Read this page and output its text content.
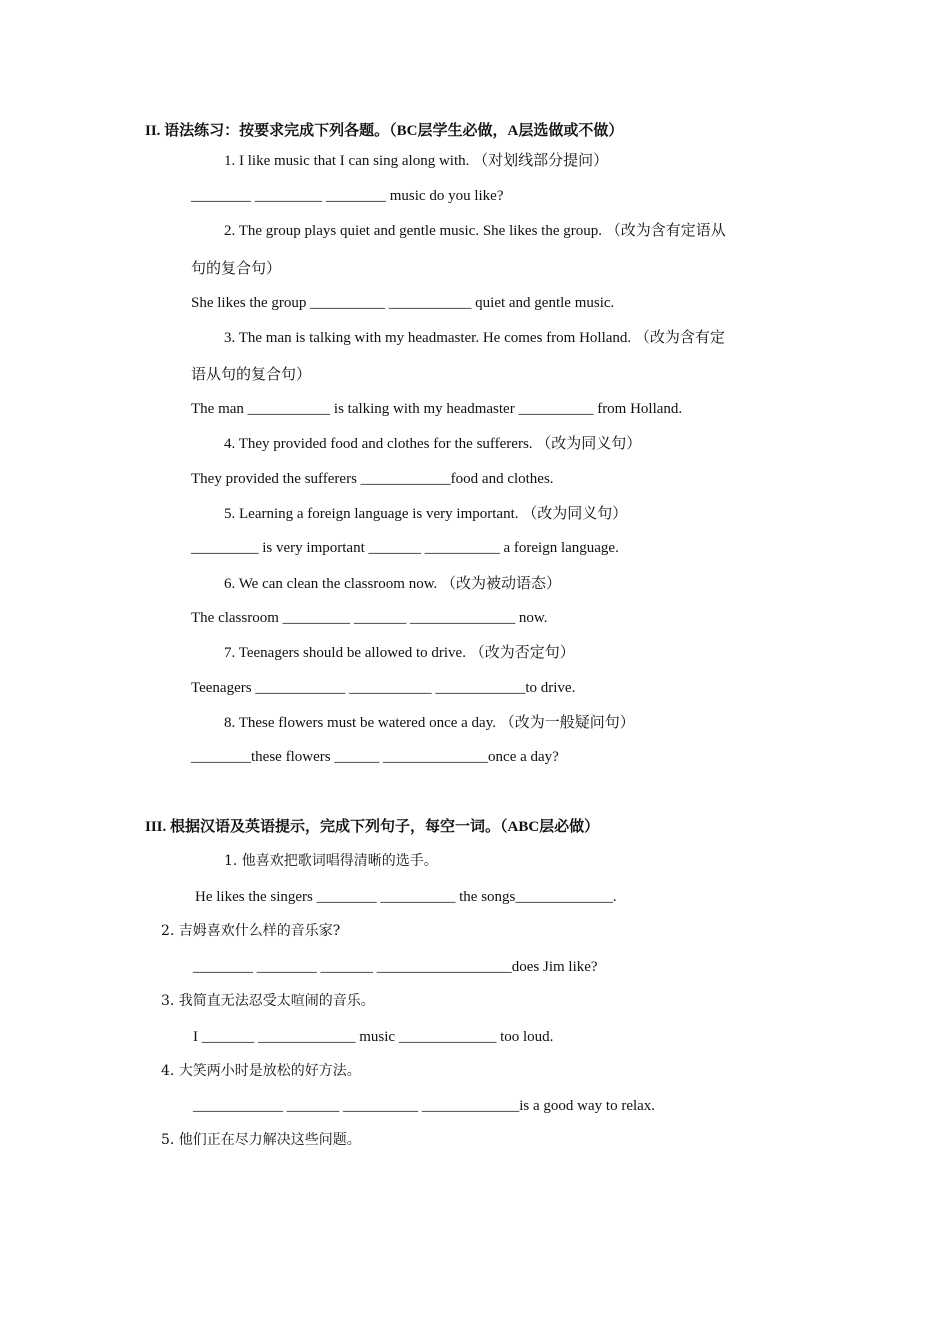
II. 语法练习：按要求完成下列各题。（BC层学生必做，A层选做或不做）
1. I like music that I can sing along with. （对划线部分提问）
________ _________ ________ music do you like?
2. The group plays quiet and gentle music. She likes the group. （改为含有定语从
句的复合句）
She likes the group __________ ___________ quiet and gentle music.
3. The man is talking with my headmaster. He comes from Holland. （改为含有定
语从句的复合句）
The man ___________ is talking with my headmaster __________ from Holland.
4. They provided food and clothes for the sufferers. （改为同义句）
They provided the sufferers ____________food and clothes.
5. Learning a foreign language is very important. （改为同义句）
_________ is very important _______ __________ a foreign language.
6. We can clean the classroom now. （改为被动语态）
The classroom _________ _______ ______________ now.
7. Teenagers should be allowed to drive. （改为否定句）
Teenagers ____________ ___________ ____________to drive.
8. These flowers must be watered once a day. （改为一般疑问句）
________these flowers ______ ______________once a day?
III. 根据汉语及英语提示，完成下列句子，每空一词。（ABC层必做）
1. 他喜欢把歌词唱得清晰的选手。
He likes the singers ________ __________ the songs_____________.
2. 吉姆喜欢什么样的音乐家?
________ ________ _______ __________________does Jim like?
3. 我简直无法忍受太喧闹的音乐。
I _______ _____________ music _____________ too loud.
4. 大笑两小时是放松的好方法。
____________ _______ __________ _____________is a good way to relax.
5. 他们正在尽力解决这些问题。
